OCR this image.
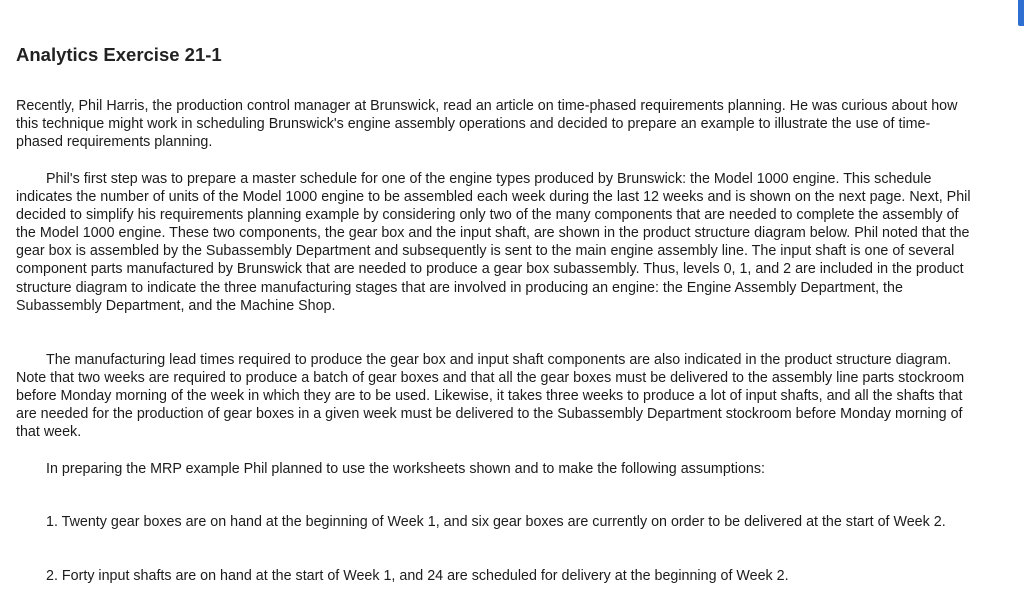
Analytics Exercise 21-1

Recently, Phil Harris, the production control manager at Brunswick, read an article on time-phased requirements planning. He was curious about how this technique might work in scheduling Brunswick's engine assembly operations and decided to prepare an example to illustrate the use of time-phased requirements planning.

Phil's first step was to prepare a master schedule for one of the engine types produced by Brunswick: the Model 1000 engine. This schedule indicates the number of units of the Model 1000 engine to be assembled each week during the last 12 weeks and is shown on the next page. Next, Phil decided to simplify his requirements planning example by considering only two of the many components that are needed to complete the assembly of the Model 1000 engine. These two components, the gear box and the input shaft, are shown in the product structure diagram below. Phil noted that the gear box is assembled by the Subassembly Department and subsequently is sent to the main engine assembly line. The input shaft is one of several component parts manufactured by Brunswick that are needed to produce a gear box subassembly. Thus, levels 0, 1, and 2 are included in the product structure diagram to indicate the three manufacturing stages that are involved in producing an engine: the Engine Assembly Department, the Subassembly Department, and the Machine Shop.

The manufacturing lead times required to produce the gear box and input shaft components are also indicated in the product structure diagram. Note that two weeks are required to produce a batch of gear boxes and that all the gear boxes must be delivered to the assembly line parts stockroom before Monday morning of the week in which they are to be used. Likewise, it takes three weeks to produce a lot of input shafts, and all the shafts that are needed for the production of gear boxes in a given week must be delivered to the Subassembly Department stockroom before Monday morning of that week.

In preparing the MRP example Phil planned to use the worksheets shown and to make the following assumptions:

1. Twenty gear boxes are on hand at the beginning of Week 1, and six gear boxes are currently on order to be delivered at the start of Week 2.

2. Forty input shafts are on hand at the start of Week 1, and 24 are scheduled for delivery at the beginning of Week 2.
